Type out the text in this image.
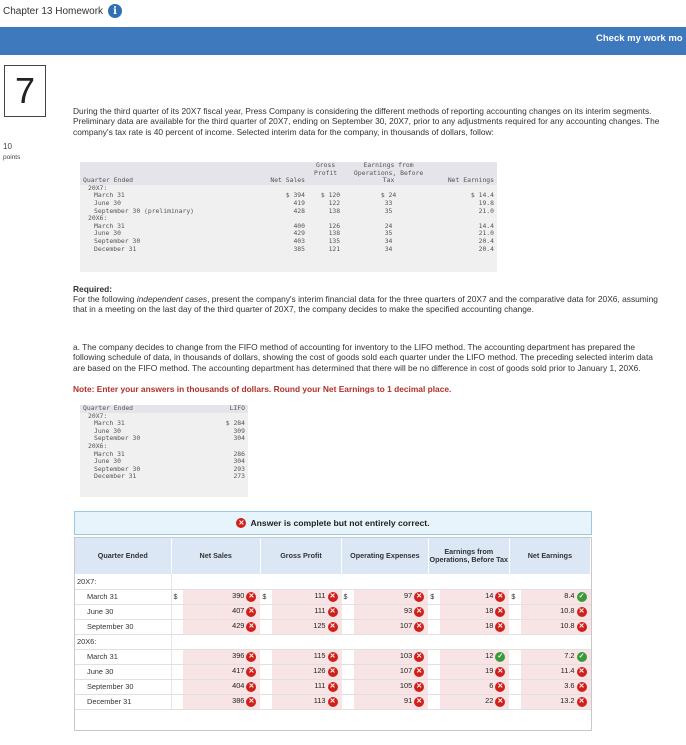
Chapter 13 Homework	i
Check my work mo
7
10
points
During the third quarter of its 20X7 fiscal year, Press Company is considering the different methods of reporting accounting changes on its interim segments. Preliminary data are available for the third quarter of 20X7, ending on September 30, 20X7, prior to any adjustments required for any accounting changes. The company's tax rate is 40 percent of income. Selected interim data for the company, in thousands of dollars, follow:
		Gross	Earnings from	
		Profit	Operations, Before	
Quarter Ended	Net Sales		Tax	Net Earnings
20X7:				
March 31	$ 394	$ 120	$ 24	$ 14.4
June 30	419	122	33	19.8
September 30 (preliminary)	428	138	35	21.0
20X6:				
March 31	400	126	24	14.4
June 30	429	138	35	21.0
September 30	403	135	34	20.4
December 31	385	121	34	20.4
Required:
For the following independent cases, present the company's interim financial data for the three quarters of 20X7 and the comparative data for 20X6, assuming that in a meeting on the last day of the third quarter of 20X7, the company decides to make the specified accounting change.
a. The company decides to change from the FIFO method of accounting for inventory to the LIFO method. The accounting department has prepared the following schedule of data, in thousands of dollars, showing the cost of goods sold each quarter under the LIFO method. The preceding selected interim data are based on the FIFO method. The accounting department has determined that there will be no difference in cost of goods sold prior to January 1, 20X6.
Note: Enter your answers in thousands of dollars. Round your Net Earnings to 1 decimal place.
Quarter Ended	LIFO
20X7:	
March 31	$ 284
June 30	309
September 30	304
20X6:	
March 31	286
June 30	304
September 30	293
December 31	273
✕ Answer is complete but not entirely correct.
Quarter Ended	Net Sales		Gross Profit		Operating Expenses		Earnings from Operations, Before Tax		Net Earnings	
20X7:										
March 31	$	390 ✕	$	111 ✕	$	97 ✕	$	14 ✕	$	8.4 ✓
June 30		407 ✕		111 ✕		93 ✕		18 ✕		10.8 ✕
September 30		429 ✕		125 ✕		107 ✕		18 ✕		10.8 ✕
20X6:										
March 31		396 ✕		115 ✕		103 ✕		12 ✓		7.2 ✓
June 30		417 ✕		126 ✕		107 ✕		19 ✕		11.4 ✕
September 30		404 ✕		111 ✕		105 ✕		6 ✕		3.6 ✕
December 31		386 ✕		113 ✕		91 ✕		22 ✕		13.2 ✕
